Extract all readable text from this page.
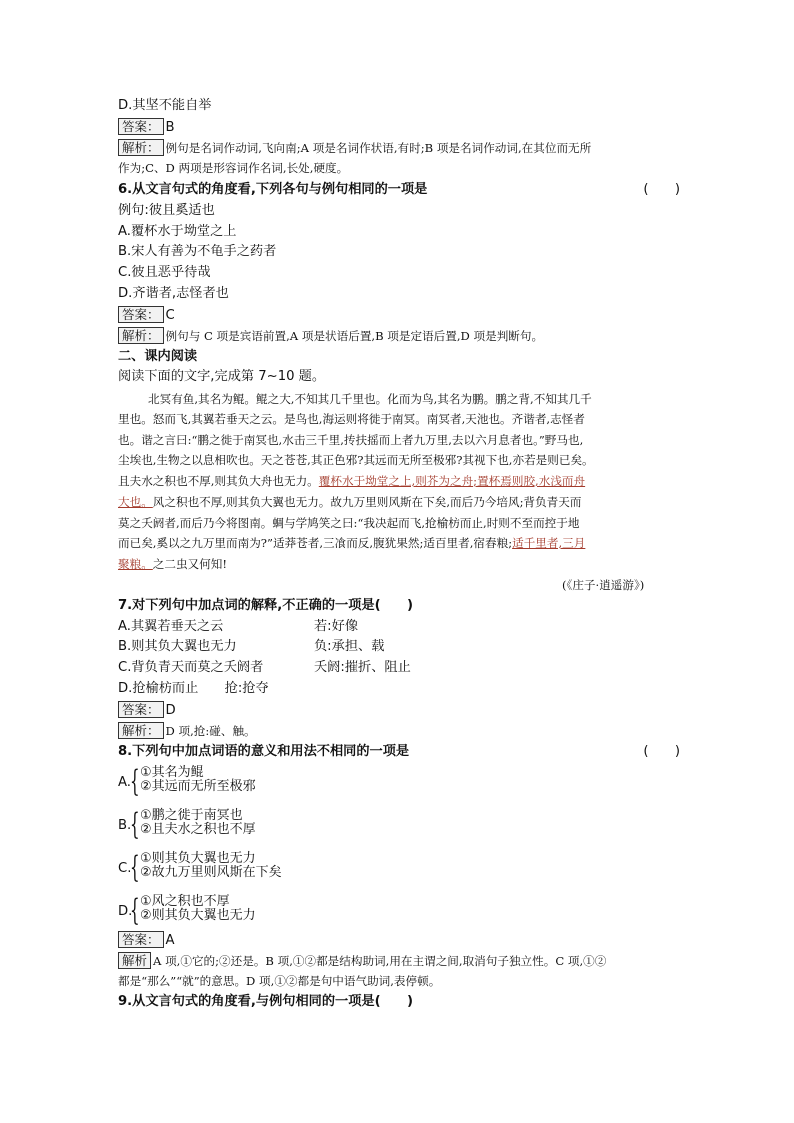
D.其坚不能自举
答案： B
解析： 例句是名词作动词,飞向南;A 项是名词作状语,有时;B 项是名词作动词,在其位而无所
作为;C、D 两项是形容词作名词,长处,硬度。
6.从文言句式的角度看,下列各句与例句相同的一项是	(　　)
例句:彼且奚适也
A.覆杯水于坳堂之上
B.宋人有善为不龟手之药者
C.彼且恶乎待哉
D.齐谐者,志怪者也
答案： C
解析： 例句与 C 项是宾语前置,A 项是状语后置,B 项是定语后置,D 项是判断句。
二、课内阅读
阅读下面的文字,完成第 7~10 题。
北冥有鱼,其名为鲲。鲲之大,不知其几千里也。化而为鸟,其名为鹏。鹏之背,不知其几千
里也。怒而飞,其翼若垂天之云。是鸟也,海运则将徙于南冥。南冥者,天池也。齐谐者,志怪者
也。谐之言曰:“鹏之徙于南冥也,水击三千里,抟扶摇而上者九万里,去以六月息者也。”野马也,
尘埃也,生物之以息相吹也。天之苍苍,其正色邪?其远而无所至极邪?其视下也,亦若是则已矣。
且夫水之积也不厚,则其负大舟也无力。覆杯水于坳堂之上,则芥为之舟;置杯焉则胶,水浅而舟
大也。风之积也不厚,则其负大翼也无力。故九万里则风斯在下矣,而后乃今培风;背负青天而
莫之夭阏者,而后乃今将图南。蜩与学鸠笑之曰:“我决起而飞,抢榆枋而止,时则不至而控于地
而已矣,奚以之九万里而南为?”适莽苍者,三飡而反,腹犹果然;适百里者,宿舂粮;适千里者,三月
聚粮。之二虫又何知!
(《庄子·逍遥游》)
7.对下列句中加点词的解释,不正确的一项是(　　)
A.其翼若垂天之云	若:好像
B.则其负大翼也无力	负:承担、载
C.背负青天而莫之夭阏者	夭阏:摧折、阻止
D.抢榆枋而止　　抢:抢夺
答案： D
解析： D 项,抢:碰、触。
8.下列句中加点词语的意义和用法不相同的一项是	(　　)
A. { ①其名为鲲
②其远而无所至极邪
B.
{ ①鹏之徙于南冥也
②且夫水之积也不厚
C.
{ ①则其负大翼也无力
②故九万里则风斯在下矣
D.
{ ①风之积也不厚
②则其负大翼也无力
答案： A
解析 A 项,①它的;②还是。B 项,①②都是结构助词,用在主谓之间,取消句子独立性。C 项,①②
都是“那么”“就”的意思。D 项,①②都是句中语气助词,表停顿。
9.从文言句式的角度看,与例句相同的一项是(　　)
